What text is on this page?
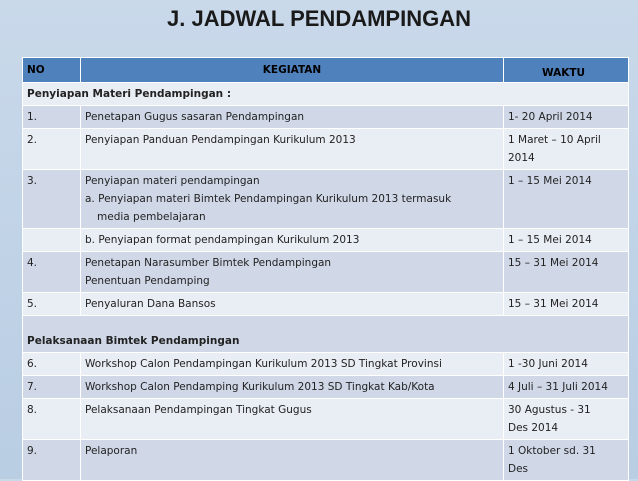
J. JADWAL PENDAMPINGAN
NO	KEGIATAN	WAKTU
Penyiapan Materi Pendampingan :		
1.	Penetapan Gugus sasaran Pendampingan	1- 20 April 2014

2.	Penyiapan Panduan Pendampingan Kurikulum 2013	1 Maret – 10 April
2014

3.	Penyiapan materi pendampingan
a. Penyiapan materi Bimtek Pendampingan Kurikulum 2013 termasuk
media pembelajaran	1 – 15 Mei 2014

	b. Penyiapan format pendampingan Kurikulum 2013	1 – 15 Mei 2014

4.	Penetapan Narasumber Bimtek Pendampingan
Penentuan Pendamping	15 – 31 Mei 2014

5.	Penyaluran Dana Bansos	15 – 31 Mei 2014

Pelaksanaan Bimtek Pendampingan		
6.	Workshop Calon Pendampingan Kurikulum 2013 SD Tingkat Provinsi	1 -30 Juni 2014

7.	Workshop Calon Pendamping Kurikulum 2013 SD Tingkat Kab/Kota	4 Juli – 31 Juli 2014

8.	Pelaksanaan Pendampingan Tingkat Gugus	30 Agustus - 31
Des 2014

9.	Pelaporan	1 Oktober sd. 31
Des
